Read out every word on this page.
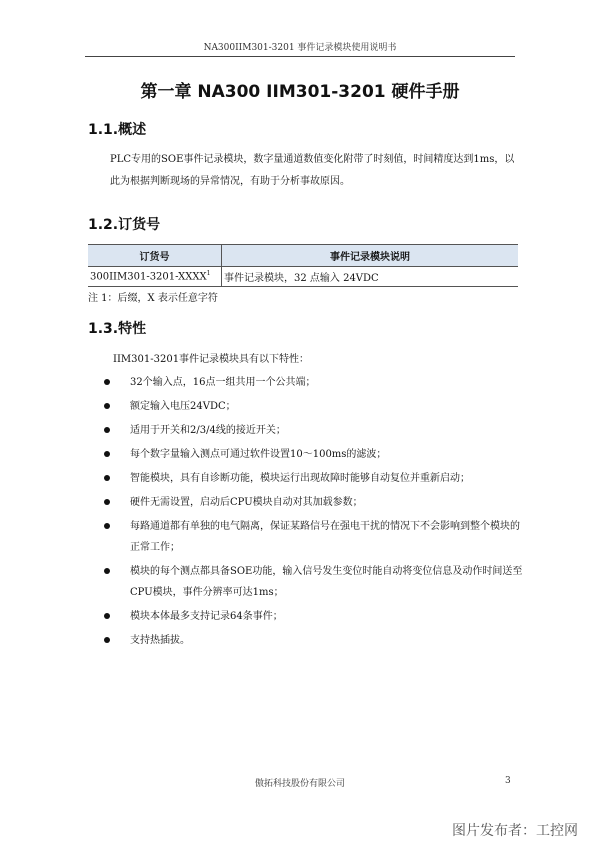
NA300IIM301-3201 事件记录模块使用说明书
第一章 NA300 IIM301-3201 硬件手册
1.1.概述
PLC专用的SOE事件记录模块，数字量通道数值变化附带了时刻值，时间精度达到1ms，以此为根据判断现场的异常情况，有助于分析事故原因。
1.2.订货号
订货号	事件记录模块说明
300IIM301-3201-XXXX$^1$	事件记录模块，32 点输入 24VDC
注 1：后缀，X 表示任意字符
1.3.特性
IIM301-3201事件记录模块具有以下特性：
32个输入点，16点一组共用一个公共端；
额定输入电压24VDC；
适用于开关和2/3/4线的接近开关；
每个数字量输入测点可通过软件设置10～100ms的滤波；
智能模块，具有自诊断功能，模块运行出现故障时能够自动复位并重新启动；
硬件无需设置，启动后CPU模块自动对其加载参数；
每路通道都有单独的电气隔离，保证某路信号在强电干扰的情况下不会影响到整个模块的正常工作；
模块的每个测点都具备SOE功能，输入信号发生变位时能自动将变位信息及动作时间送至CPU模块，事件分辨率可达1ms；
模块本体最多支持记录64条事件；
支持热插拔。
傲拓科技股份有限公司	3
图片发布者：工控网
